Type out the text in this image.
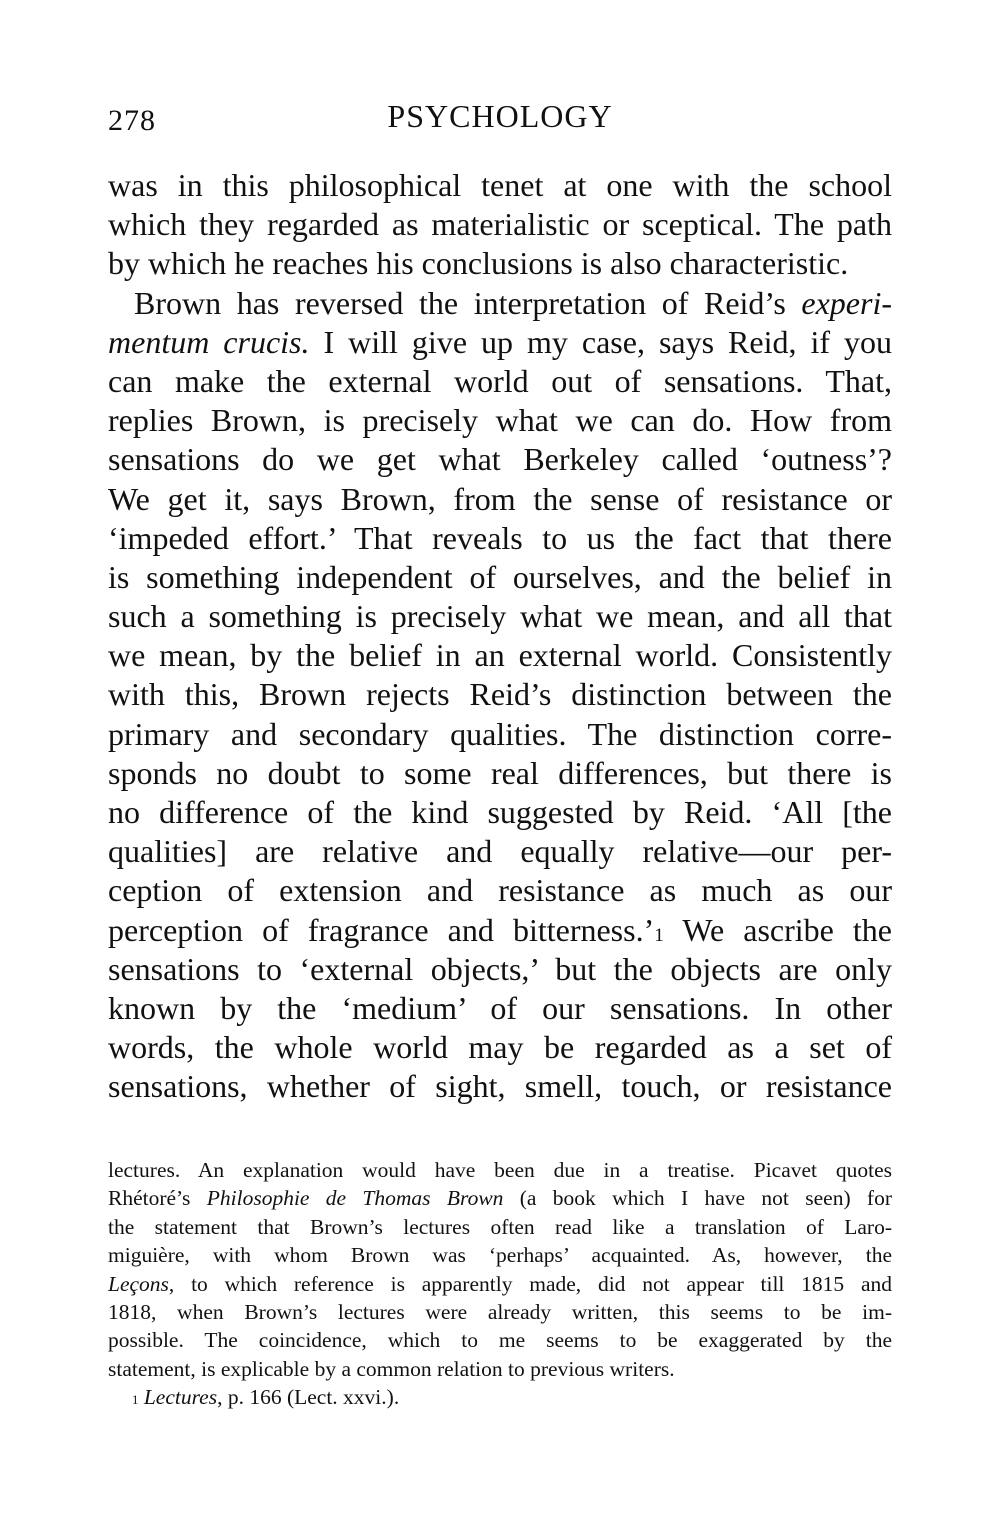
278	PSYCHOLOGY
was in this philosophical tenet at one with the school
which they regarded as materialistic or sceptical. The path
by which he reaches his conclusions is also characteristic.
Brown has reversed the interpretation of Reid’s experi-
mentum crucis. I will give up my case, says Reid, if you
can make the external world out of sensations. That,
replies Brown, is precisely what we can do. How from
sensations do we get what Berkeley called ‘outness’?
We get it, says Brown, from the sense of resistance or
‘impeded effort.’ That reveals to us the fact that there
is something independent of ourselves, and the belief in
such a something is precisely what we mean, and all that
we mean, by the belief in an external world. Consistently
with this, Brown rejects Reid’s distinction between the
primary and secondary qualities. The distinction corre-
sponds no doubt to some real differences, but there is
no difference of the kind suggested by Reid. ‘All [the
qualities] are relative and equally relative—our per-
ception of extension and resistance as much as our
perception of fragrance and bitterness.’$^1$ We ascribe the
sensations to ‘external objects,’ but the objects are only
known by the ‘medium’ of our sensations. In other
words, the whole world may be regarded as a set of
sensations, whether of sight, smell, touch, or resistance
lectures. An explanation would have been due in a treatise. Picavet quotes
Rhétoré’s Philosophie de Thomas Brown (a book which I have not seen) for
the statement that Brown’s lectures often read like a translation of Laro-
miguière, with whom Brown was ‘perhaps’ acquainted. As, however, the
Leçons, to which reference is apparently made, did not appear till 1815 and
1818, when Brown’s lectures were already written, this seems to be im-
possible. The coincidence, which to me seems to be exaggerated by the
statement, is explicable by a common relation to previous writers.
$^1$ Lectures, p. 166 (Lect. xxvi.).
